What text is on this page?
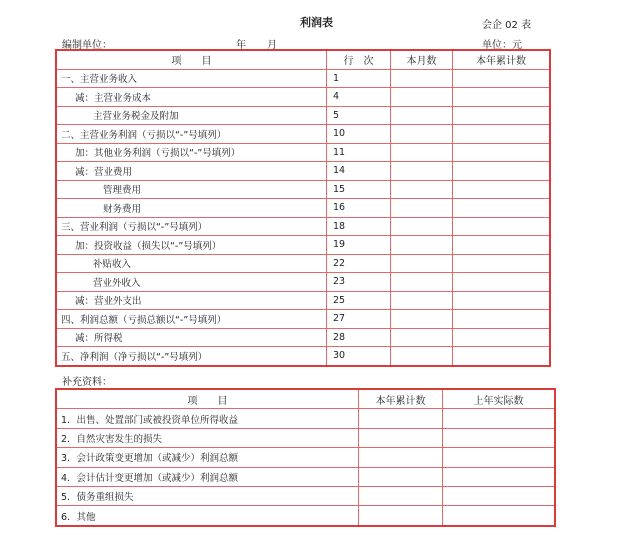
利润表	会企 02 表
编制单位：	年 月	单位：元
项　　目	行　次	本月数	本年累计数
一、主营业务收入	1		
减：主营业务成本	4		
主营业务税金及附加	5		
二、主营业务利润（亏损以“-”号填列）	10		
加：其他业务利润（亏损以“-”号填列）	11		
减：营业费用	14		
管理费用	15		
财务费用	16		
三、营业利润（亏损以“-”号填列）	18		
加：投资收益（损失以“-”号填列）	19		
补贴收入	22		
营业外收入	23		
减：营业外支出	25		
四、利润总额（亏损总额以“-”号填列）	27		
减：所得税	28		
五、净利润（净亏损以“-”号填列）	30		
补充资料：
项　　目	本年累计数	上年实际数
1．出售、处置部门或被投资单位所得收益		
2．自然灾害发生的损失		
3．会计政策变更增加（或减少）利润总额		
4．会计估计变更增加（或减少）利润总额		
5．债务重组损失		
6．其他		
